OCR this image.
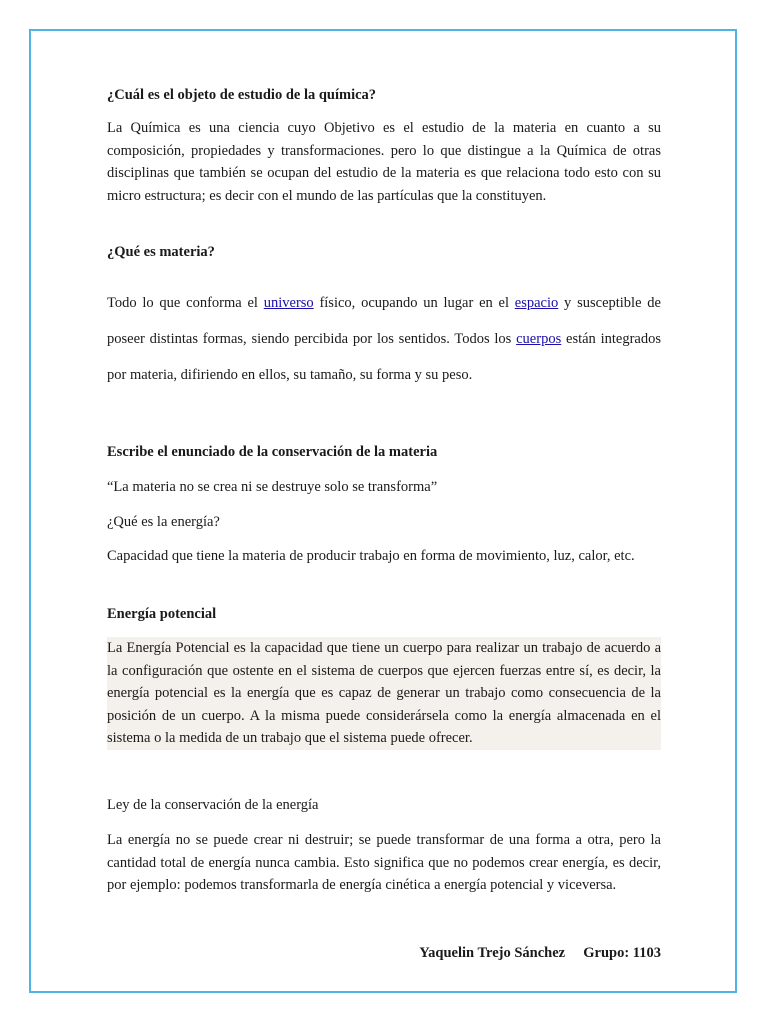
¿Cuál es el objeto de estudio de la química?

La Química es una ciencia cuyo Objetivo es el estudio de la materia en cuanto a su composición, propiedades y transformaciones. pero lo que distingue a la Química de otras disciplinas que también se ocupan del estudio de la materia es que relaciona todo esto con su micro estructura; es decir con el mundo de las partículas que la constituyen.

¿Qué es materia?

Todo lo que conforma el universo físico, ocupando un lugar en el espacio y susceptible de poseer distintas formas, siendo percibida por los sentidos. Todos los cuerpos están integrados por materia, difiriendo en ellos, su tamaño, su forma y su peso.

Escribe el enunciado de la conservación de la materia

“La materia no se crea ni se destruye solo se transforma”

¿Qué es la energía?

Capacidad que tiene la materia de producir trabajo en forma de movimiento, luz, calor, etc.

Energía potencial

La Energía Potencial es la capacidad que tiene un cuerpo para realizar un trabajo de acuerdo a la configuración que ostente en el sistema de cuerpos que ejercen fuerzas entre sí, es decir, la energía potencial es la energía que es capaz de generar un trabajo como consecuencia de la posición de un cuerpo. A la misma puede considerársela como la energía almacenada en el sistema o la medida de un trabajo que el sistema puede ofrecer.

Ley de la conservación de la energía

La energía no se puede crear ni destruir; se puede transformar de una forma a otra, pero la cantidad total de energía nunca cambia. Esto significa que no podemos crear energía, es decir, por ejemplo: podemos transformarla de energía cinética a energía potencial y viceversa.

Yaquelin Trejo Sánchez Grupo: 1103
